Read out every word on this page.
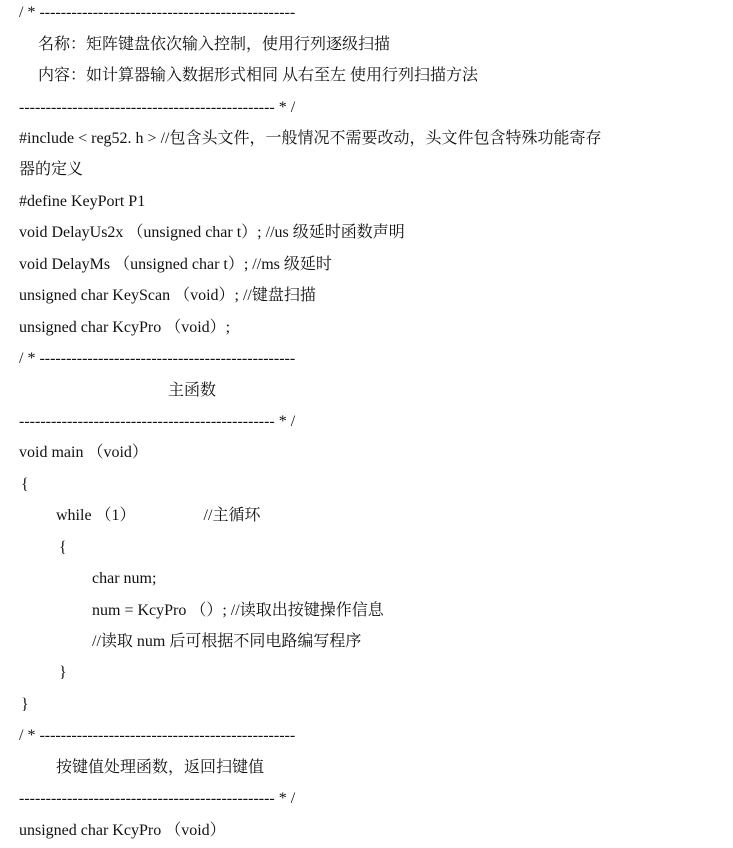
/ * ------------------------------------------------
名称：矩阵键盘依次输入控制，使用行列逐级扫描
内容：如计算器输入数据形式相同 从右至左 使用行列扫描方法
------------------------------------------------ * /
#include < reg52. h > //包含头文件，一般情况不需要改动，头文件包含特殊功能寄存
器的定义
#define KeyPort P1
void DelayUs2x （unsigned char t）; //us 级延时函数声明
void DelayMs （unsigned char t）; //ms 级延时
unsigned char KeyScan （void）; //键盘扫描
unsigned char KcyPro （void）;
/ * ------------------------------------------------
主函数
------------------------------------------------ * /
void main （void）
{
while （1）                 //主循环
{
char num;
num = KcyPro （）; //读取出按键操作信息
//读取 num 后可根据不同电路编写程序
}
}
/ * ------------------------------------------------
按键值处理函数，返回扫键值
------------------------------------------------ * /
unsigned char KcyPro （void）
